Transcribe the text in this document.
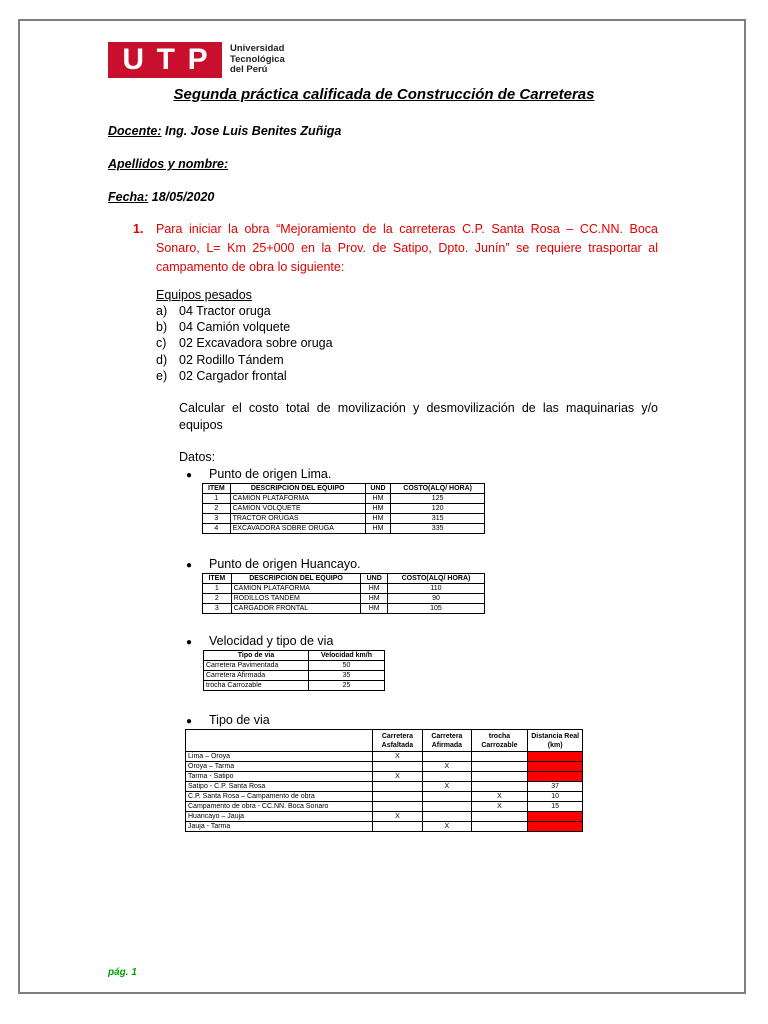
U T P Universidad
Tecnológica
del Perú
Segunda práctica calificada de Construcción de Carreteras
Docente: Ing. Jose Luis Benites Zuñiga
Apellidos y nombre:
Fecha: 18/05/2020
1. Para iniciar la obra “Mejoramiento de la carreteras C.P. Santa Rosa – CC.NN. Boca Sonaro, L= Km 25+000 en la Prov. de Satipo, Dpto. Junín” se requiere trasportar al campamento de obra lo siguiente:
Equipos pesados
a) 04 Tractor oruga
b) 04 Camión volquete
c) 02 Excavadora sobre oruga
d) 02 Rodillo Tándem
e) 02 Cargador frontal
Calcular el costo total de movilización y desmovilización de las maquinarias y/o equipos
Datos:
● Punto de origen Lima.
ITEM	DESCRIPCION DEL EQUIPO	UND	COSTO(ALQ/ HORA)
1	CAMION PLATAFORMA	HM	125
2	CAMION VOLQUETE	HM	120
3	TRACTOR ORUGAS	HM	315
4	EXCAVADORA SOBRE ORUGA	HM	335
● Punto de origen Huancayo.
ITEM	DESCRIPCION DEL EQUIPO	UND	COSTO(ALQ/ HORA)
1	CAMION PLATAFORMA	HM	110
2	RODILLOS TANDEM	HM	90
3	CARGADOR FRONTAL	HM	105
● Velocidad y tipo de via
Tipo de via	Velocidad km/h
Carretera Pavimentada	50
Carretera Afirmada	35
trocha Carrozable	25
● Tipo de via
	Carretera Asfaltada	Carretera Afirmada	trocha Carrozable	Distancia Real (km)
Lima – Oroya	X			¿?
Oroya – Tarma		X		¿?
Tarma - Satipo	X			¿?
Satipo - C.P. Santa Rosa		X		37
C.P. Santa Rosa – Campamento de obra			X	10
Campamento de obra - CC.NN. Boca Sonaro			X	15
Huancayo – Jauja	X			¿?
Jauja - Tarma		X		¿?
pág. 1
